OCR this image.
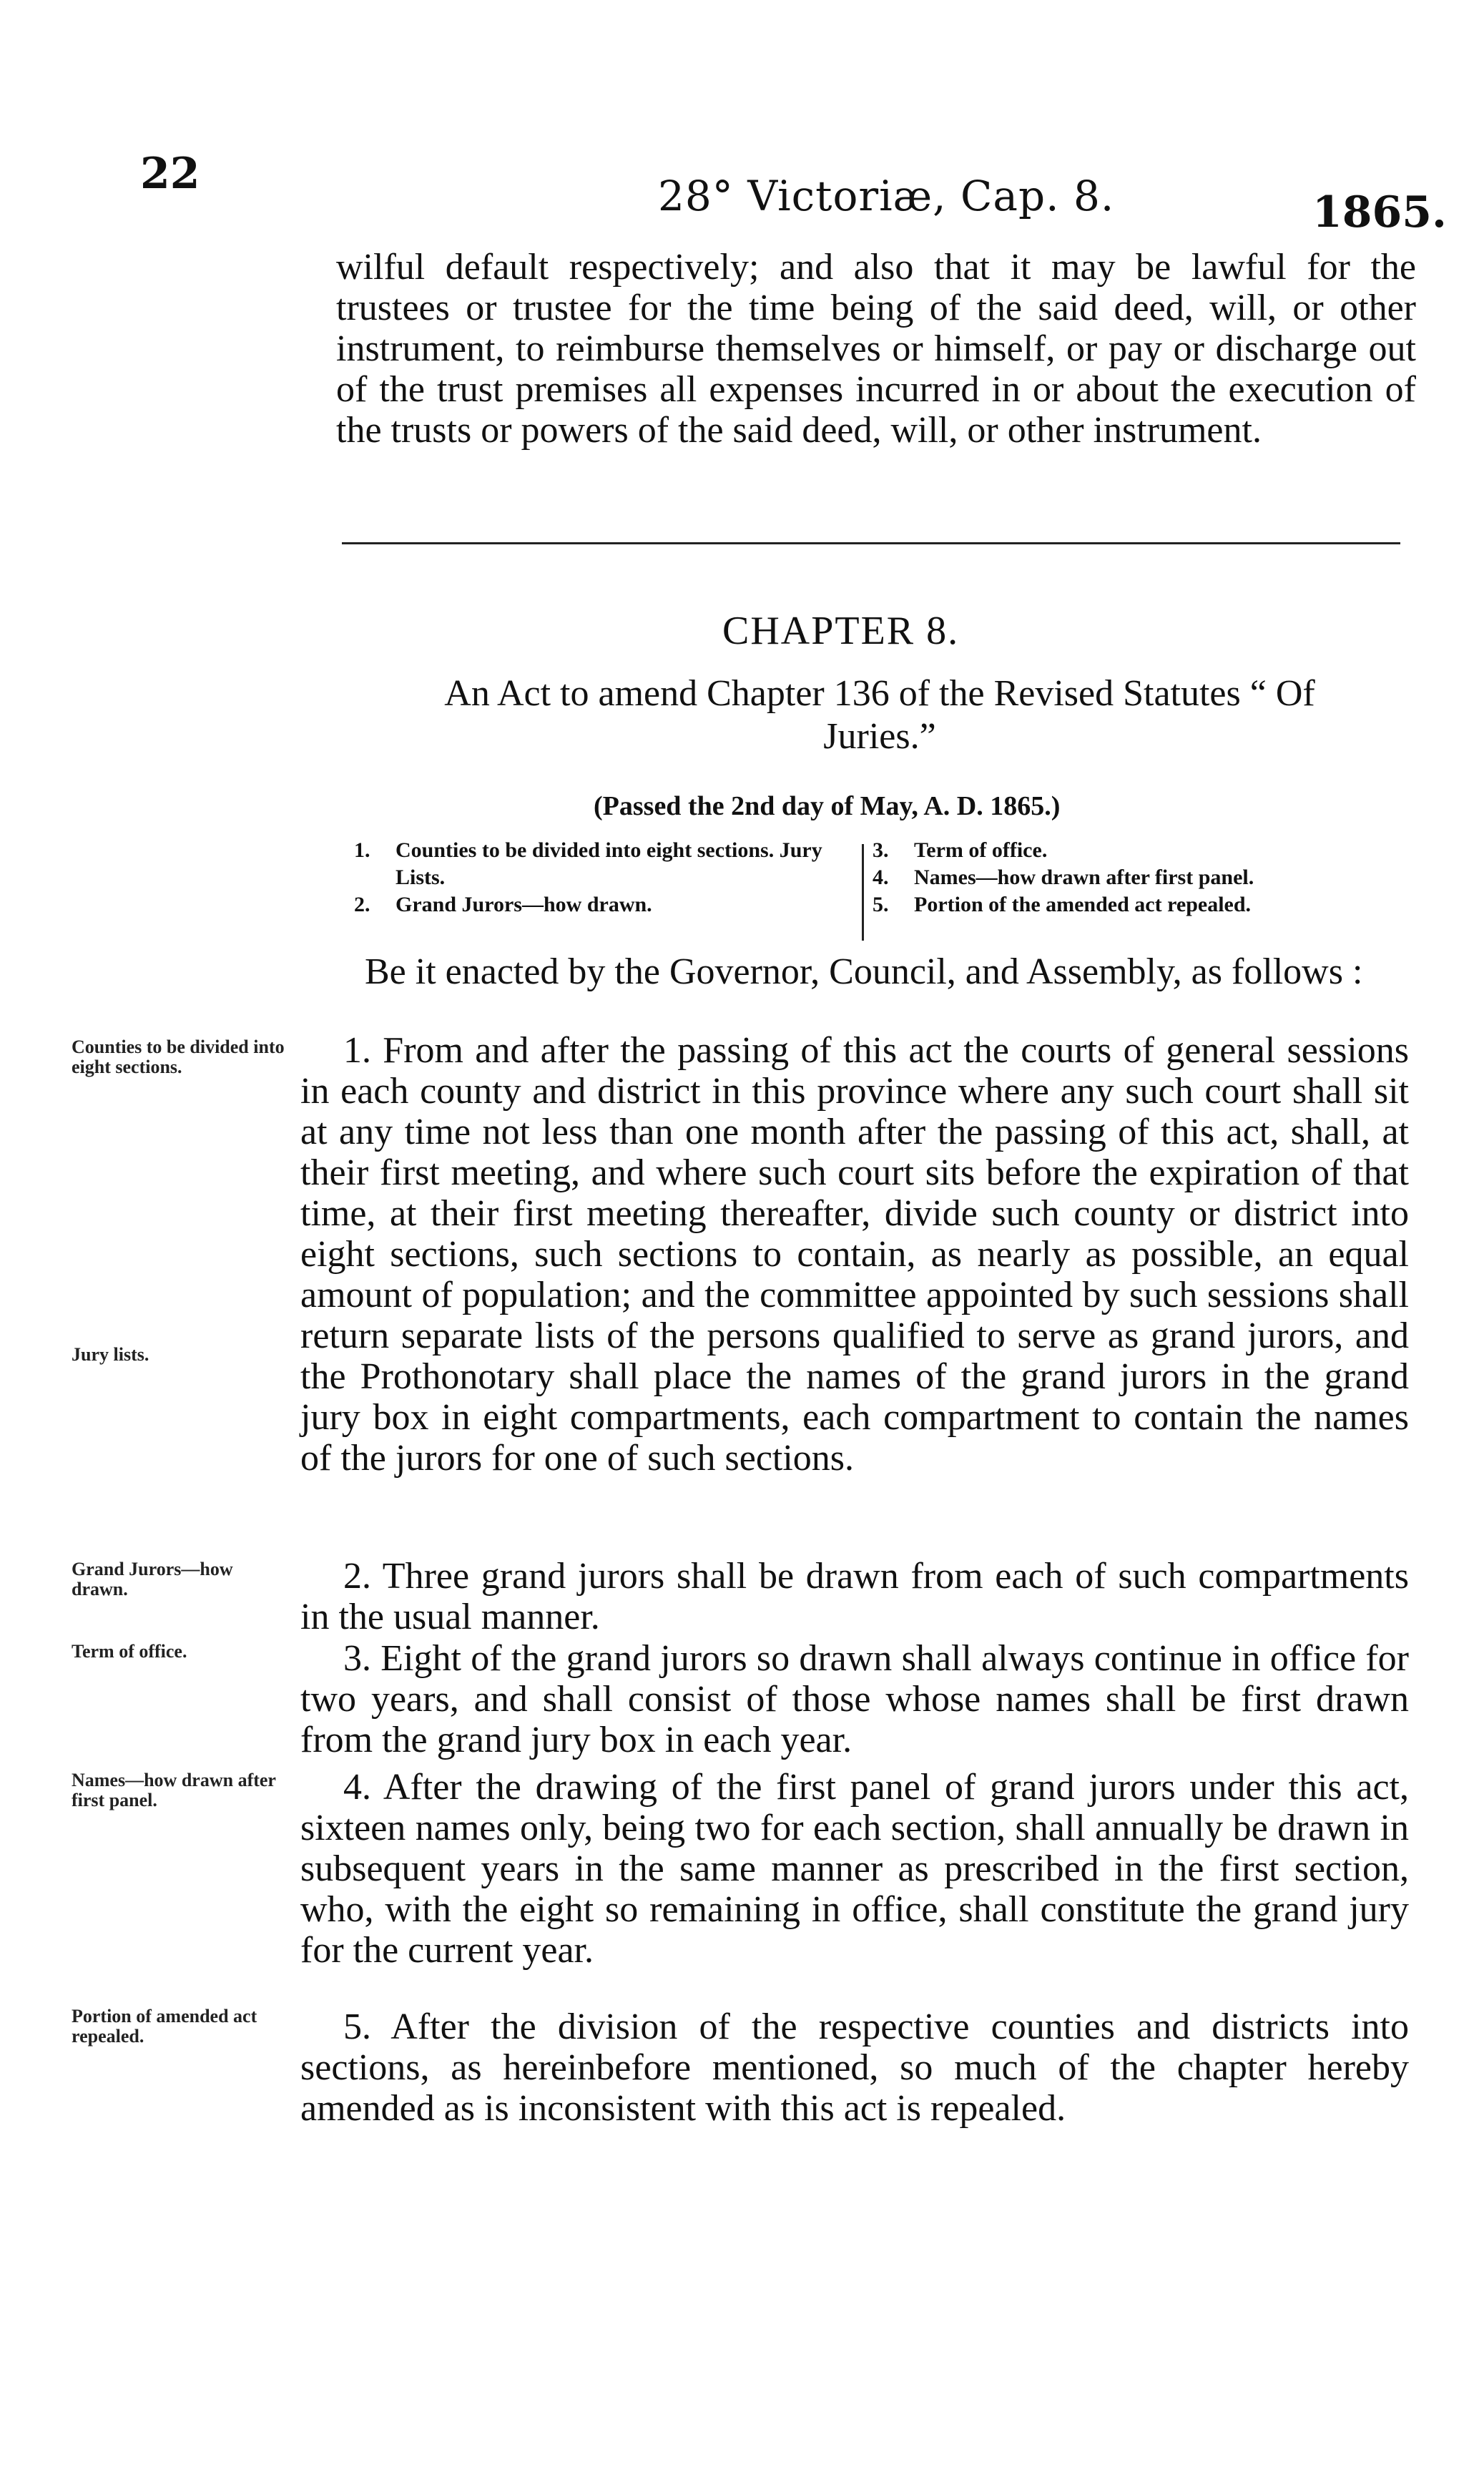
22	28° Victoriæ, Cap. 8.	1865.
wilful default respectively; and also that it may be lawful for the trustees or trustee for the time being of the said deed, will, or other instrument, to reimburse themselves or himself, or pay or discharge out of the trust premises all expenses incurred in or about the execution of the trusts or powers of the said deed, will, or other instrument.
CHAPTER 8.
An Act to amend Chapter 136 of the Revised Statutes “ Of Juries.”
(Passed the 2nd day of May, A. D. 1865.)
1.	Counties to be divided into eight sections. Jury Lists.
2.	Grand Jurors—how drawn.
3.	Term of office.
4.	Names—how drawn after first panel.
5.	Portion of the amended act repealed.
Be it enacted by the Governor, Council, and Assembly, as follows :
Counties to be divided into eight sections.
Jury lists.
Grand Jurors—how drawn.
Term of office.
Names—how drawn after first panel.
Portion of amended act repealed.
1. From and after the passing of this act the courts of general sessions in each county and district in this province where any such court shall sit at any time not less than one month after the passing of this act, shall, at their first meeting, and where such court sits before the expiration of that time, at their first meeting thereafter, divide such county or district into eight sections, such sections to contain, as nearly as possible, an equal amount of population; and the committee appointed by such sessions shall return separate lists of the persons qualified to serve as grand jurors, and the Prothonotary shall place the names of the grand jurors in the grand jury box in eight compartments, each compartment to contain the names of the jurors for one of such sections.
2. Three grand jurors shall be drawn from each of such compartments in the usual manner.
3. Eight of the grand jurors so drawn shall always continue in office for two years, and shall consist of those whose names shall be first drawn from the grand jury box in each year.
4. After the drawing of the first panel of grand jurors under this act, sixteen names only, being two for each section, shall annually be drawn in subsequent years in the same manner as prescribed in the first section, who, with the eight so remaining in office, shall constitute the grand jury for the current year.
5. After the division of the respective counties and districts into sections, as hereinbefore mentioned, so much of the chapter hereby amended as is inconsistent with this act is repealed.
